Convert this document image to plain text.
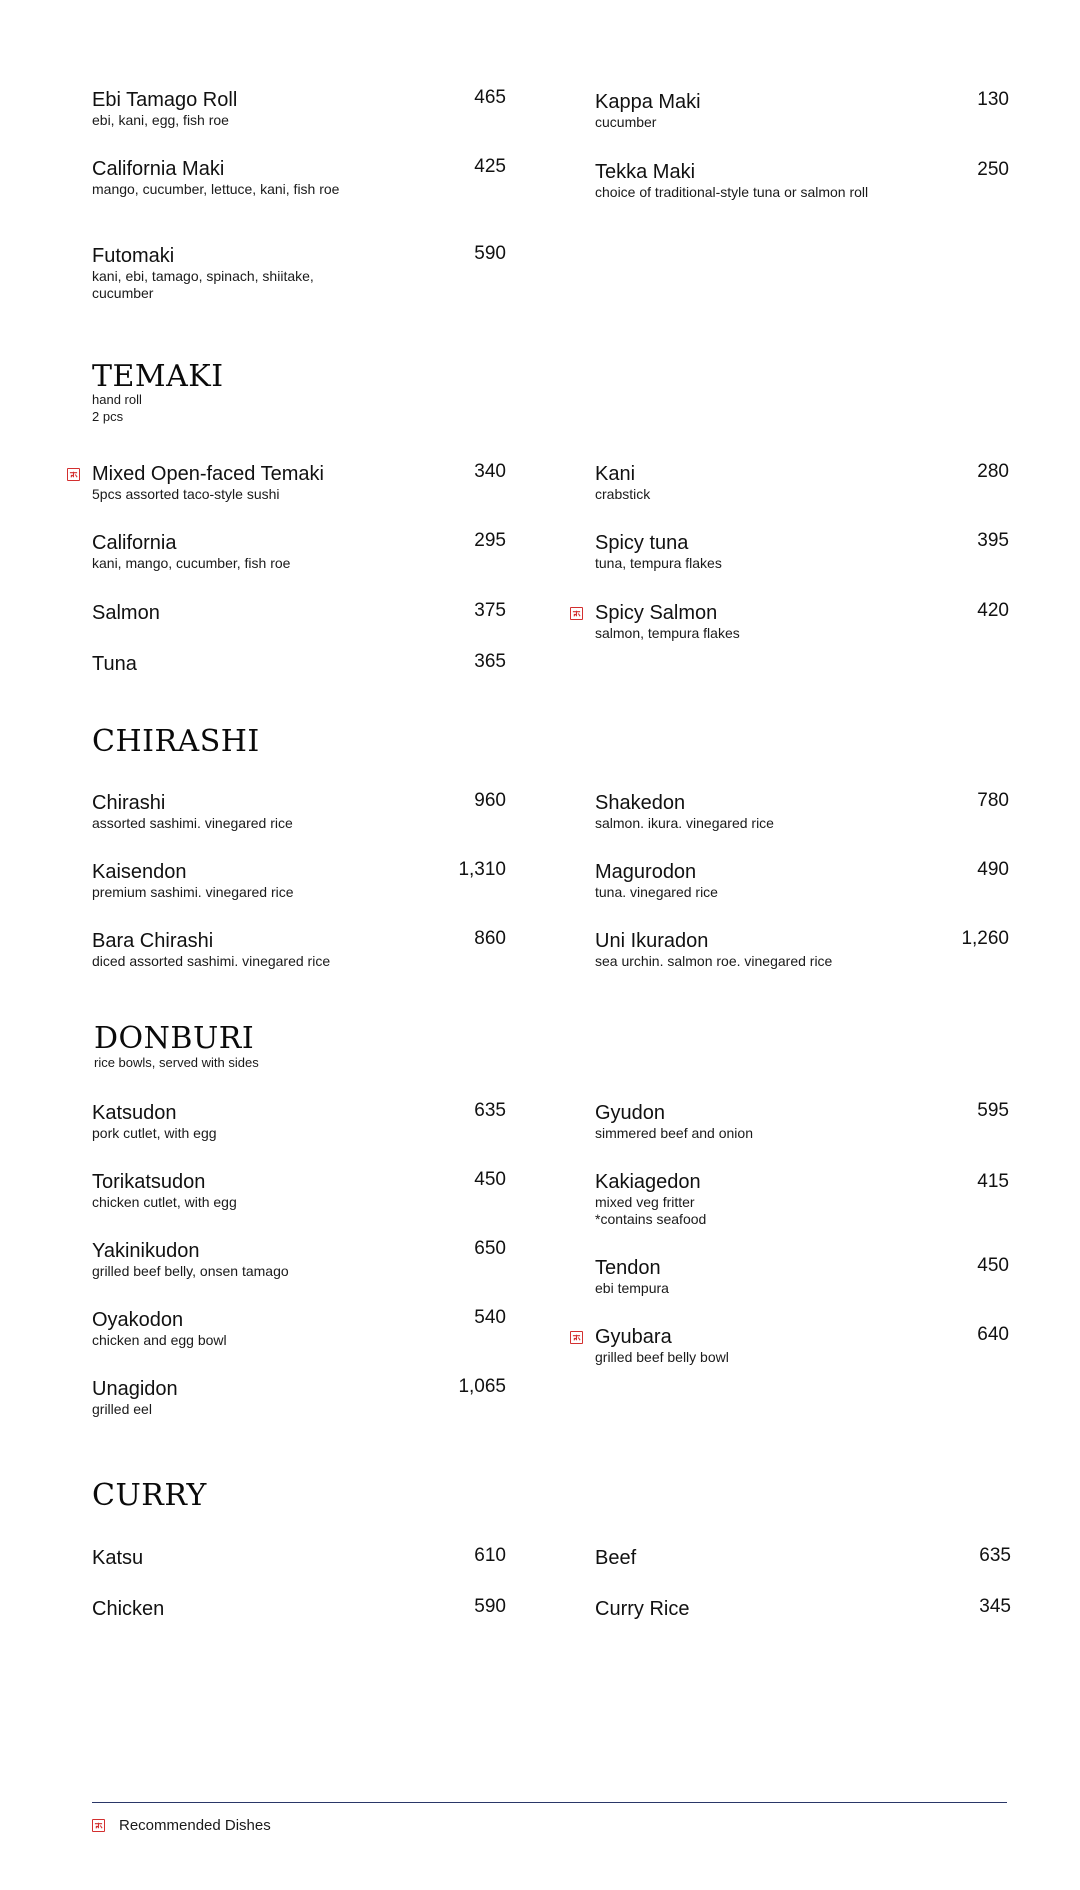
Ebi Tamago Roll
ebi, kani, egg, fish roe
465
California Maki
mango, cucumber, lettuce, kani, fish roe
425
Futomaki
kani, ebi, tamago, spinach, shiitake, cucumber
590
Kappa Maki
cucumber
130
Tekka Maki
choice of traditional-style tuna or salmon roll
250
TEMAKI
hand roll
2 pcs
Mixed Open-faced Temaki
5pcs assorted taco-style sushi
340
California
kani, mango, cucumber, fish roe
295
Salmon	375
Tuna	365
Kani
crabstick
280
Spicy tuna
tuna, tempura flakes
395
Spicy Salmon
salmon, tempura flakes
420
CHIRASHI
Chirashi
assorted sashimi. vinegared rice
960
Kaisendon
premium sashimi. vinegared rice
1,310
Bara Chirashi
diced assorted sashimi. vinegared rice
860
Shakedon
salmon. ikura. vinegared rice
780
Magurodon
tuna. vinegared rice
490
Uni Ikuradon
sea urchin. salmon roe. vinegared rice
1,260
DONBURI
rice bowls, served with sides
Katsudon
pork cutlet, with egg
635
Torikatsudon
chicken cutlet, with egg
450
Yakinikudon
grilled beef belly, onsen tamago
650
Oyakodon
chicken and egg bowl
540
Unagidon
grilled eel
1,065
Gyudon
simmered beef and onion
595
Kakiagedon
mixed veg fritter
*contains seafood
415
Tendon
ebi tempura
450
Gyubara
grilled beef belly bowl
640
CURRY
Katsu	610
Chicken	590
Beef	635
Curry Rice	345
Recommended Dishes
